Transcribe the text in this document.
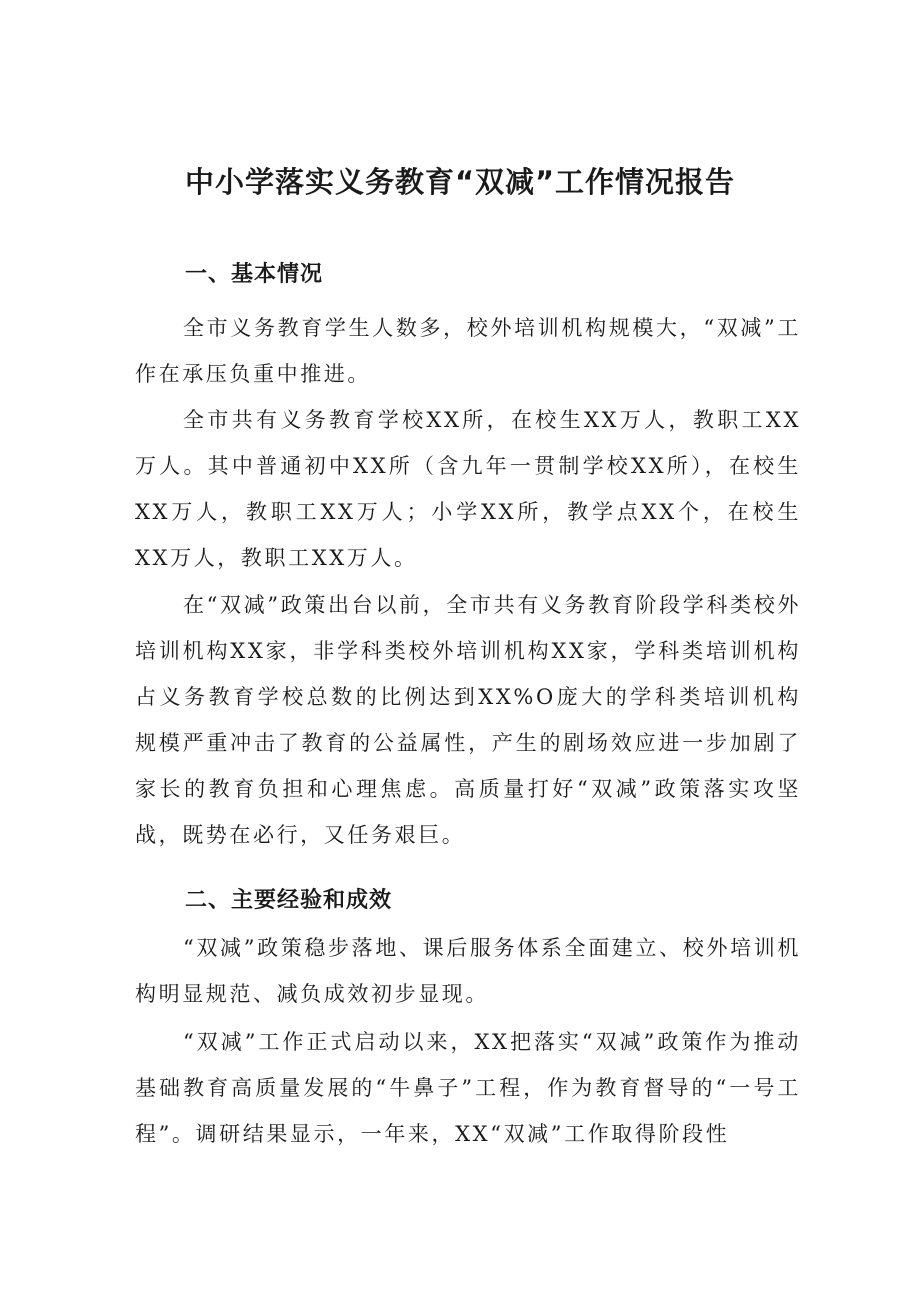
中小学落实义务教育“双减”工作情况报告
一、基本情况

全市义务教育学生人数多，校外培训机构规模大，“双减”工作在承压负重中推进。

全市共有义务教育学校XX所，在校生XX万人，教职工XX万人。其中普通初中XX所（含九年一贯制学校XX所），在校生XX万人，教职工XX万人；小学XX所，教学点XX个，在校生XX万人，教职工XX万人。

在“双减”政策出台以前，全市共有义务教育阶段学科类校外培训机构XX家，非学科类校外培训机构XX家，学科类培训机构占义务教育学校总数的比例达到XX%O庞大的学科类培训机构规模严重冲击了教育的公益属性，产生的剧场效应进一步加剧了家长的教育负担和心理焦虑。高质量打好“双减”政策落实攻坚战，既势在必行，又任务艰巨。

二、主要经验和成效

“双减”政策稳步落地、课后服务体系全面建立、校外培训机构明显规范、减负成效初步显现。

“双减”工作正式启动以来，XX把落实“双减”政策作为推动基础教育高质量发展的“牛鼻子”工程，作为教育督导的“一号工程”。调研结果显示，一年来，XX“双减”工作取得阶段性
